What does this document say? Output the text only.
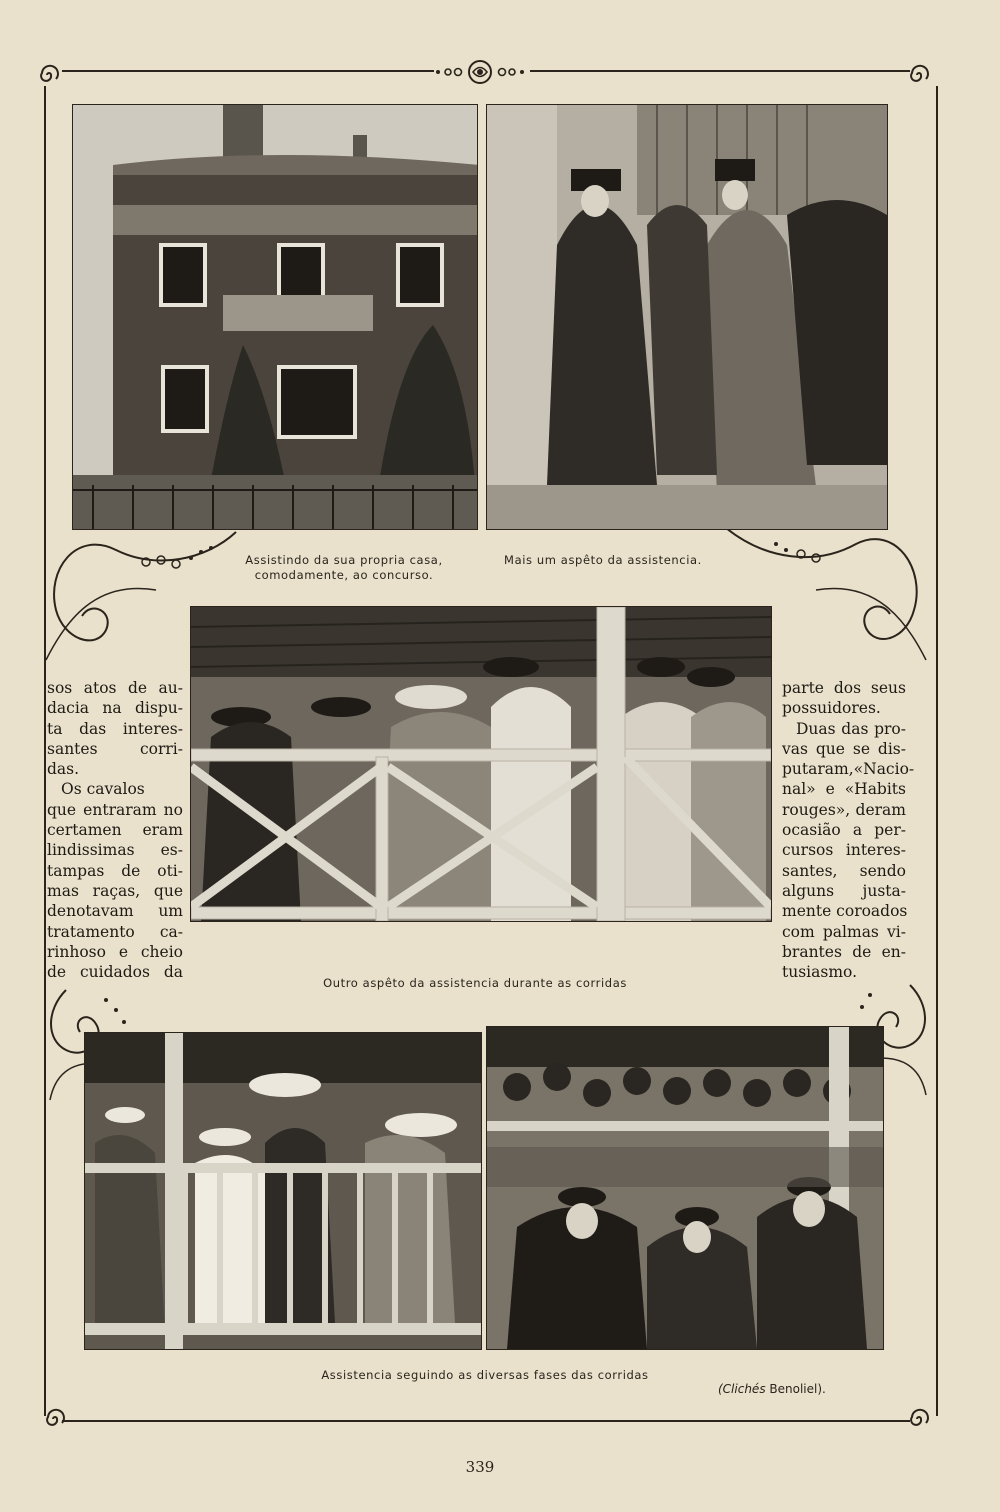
Assistindo da sua propria casa, comodamente, ao concurso.
Mais um aspêto da assistencia.
sos atos de au-
dacia na dispu-
ta das interes-
santes corri-
das.
Os cavalos
que entraram no
certamen eram
lindissimas es-
tampas de oti-
mas raças, que
denotavam um
tratamento ca-
rinhoso e cheio
de cuidados da
parte dos seus
possuidores.
Duas das pro-
vas que se dis-
putaram,«Nacio-
nal» e «Habits
rouges», deram
ocasião a per-
cursos interes-
santes, sendo
alguns justa-
mente coroados
com palmas vi-
brantes de en-
tusiasmo.
Outro aspêto da assistencia durante as corridas
Assistencia seguindo as diversas fases das corridas
(Clichés Benoliel).
339
